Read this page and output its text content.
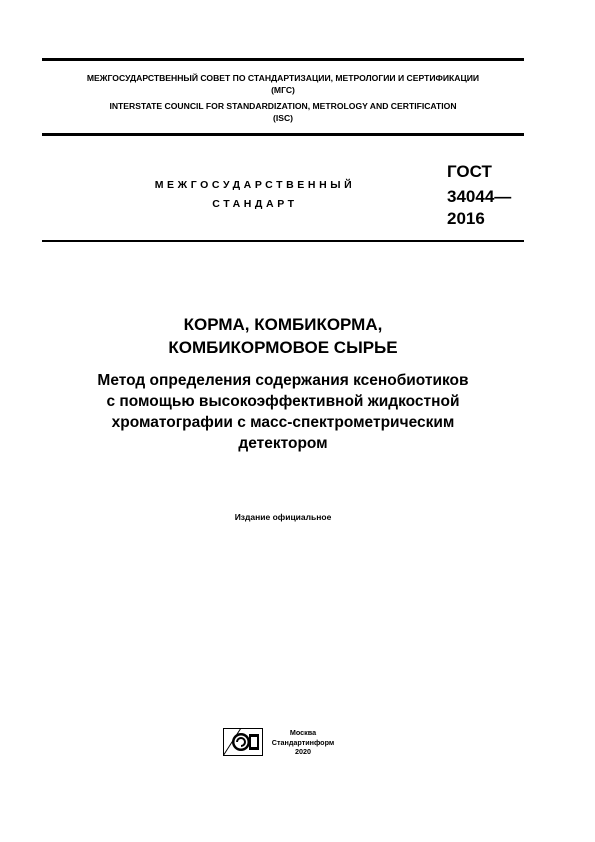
МЕЖГОСУДАРСТВЕННЫЙ СОВЕТ ПО СТАНДАРТИЗАЦИИ, МЕТРОЛОГИИ И СЕРТИФИКАЦИИ
(МГС)
INTERSTATE COUNCIL FOR STANDARDIZATION, METROLOGY AND CERTIFICATION
(ISC)
МЕЖГОСУДАРСТВЕННЫЙ
СТАНДАРТ
ГОСТ
34044—
2016
КОРМА, КОМБИКОРМА,
КОМБИКОРМОВОЕ СЫРЬЕ
Метод определения содержания ксенобиотиков
с помощью высокоэффективной жидкостной
хроматографии с масс-спектрометрическим
детектором
Издание официальное
Москва
Стандартинформ
2020
